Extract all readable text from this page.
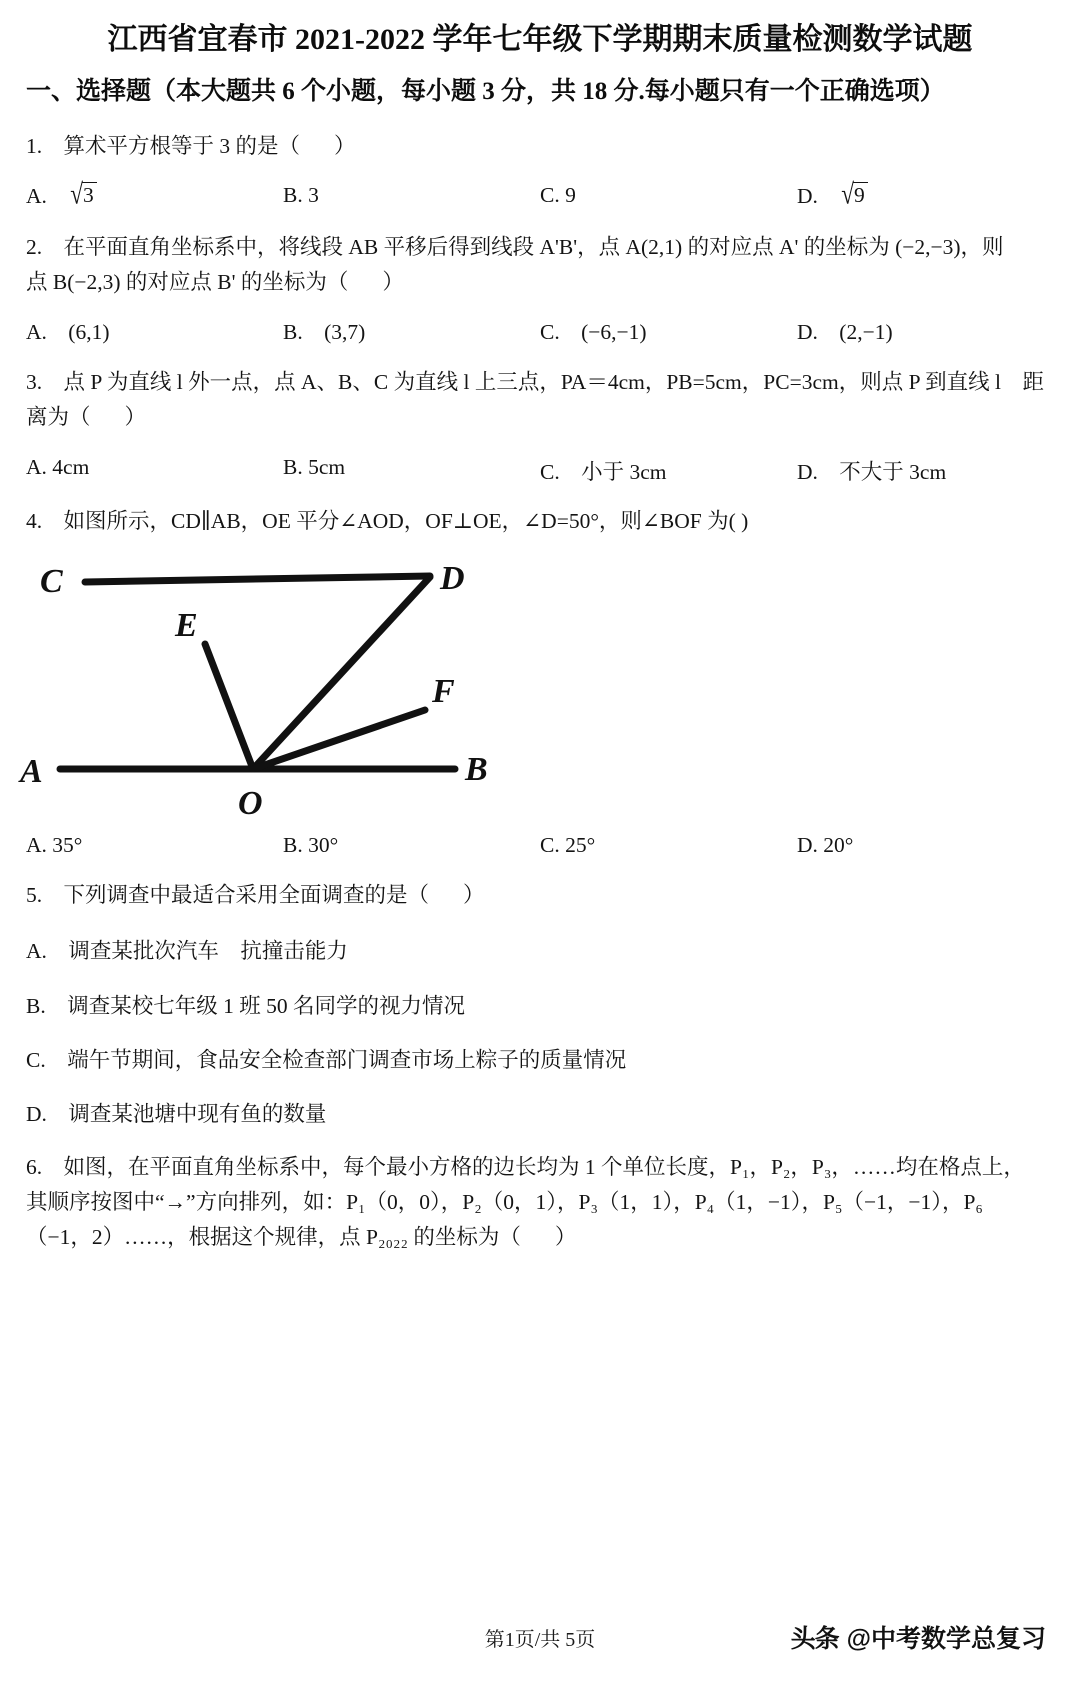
江西省宜春市 2021-2022 学年七年级下学期期末质量检测数学试题
一、选择题（本大题共 6 个小题，每小题 3 分，共 18 分.每小题只有一个正确选项）
1. 算术平方根等于 3 的是（ ）
A. √3	B. 3	C. 9	D. √9
2. 在平面直角坐标系中，将线段 AB 平移后得到线段 A'B'，点 A(2,1) 的对应点 A' 的坐标为 (−2,−3)，则
点 B(−2,3) 的对应点 B' 的坐标为（ ）
A. (6,1)	B. (3,7)	C. (−6,−1)	D. (2,−1)
3. 点 P 为直线 l 外一点，点 A、B、C 为直线 l 上三点，PA＝4cm，PB=5cm，PC=3cm，则点 P 到直线 l　距
离为（ ）
A. 4cm	B. 5cm	C. 小于 3cm	D. 不大于 3cm
4. 如图所示，CD∥AB，OE 平分∠AOD，OF⊥OE，∠D=50°，则∠BOF 为( )
C	D
E
F
A	B
O
A. 35°	B. 30°	C. 25°	D. 20°
5. 下列调查中最适合采用全面调查的是（ ）
A.　调查某批次汽车　抗撞击能力
B.　调查某校七年级 1 班 50 名同学的视力情况
C.　端午节期间，食品安全检查部门调查市场上粽子的质量情况
D.　调查某池塘中现有鱼的数量
6. 如图，在平面直角坐标系中，每个最小方格的边长均为 1 个单位长度，P₁，P₂，P₃，……均在格点上，
其顺序按图中“→”方向排列，如：P₁（0，0），P₂（0，1），P₃（1，1），P₄（1，−1），P₅（−1，−1），P₆
（−1，2）……，根据这个规律，点 P₂₀₂₂ 的坐标为（ ）
第1页/共 5页	头条 @中考数学总复习
